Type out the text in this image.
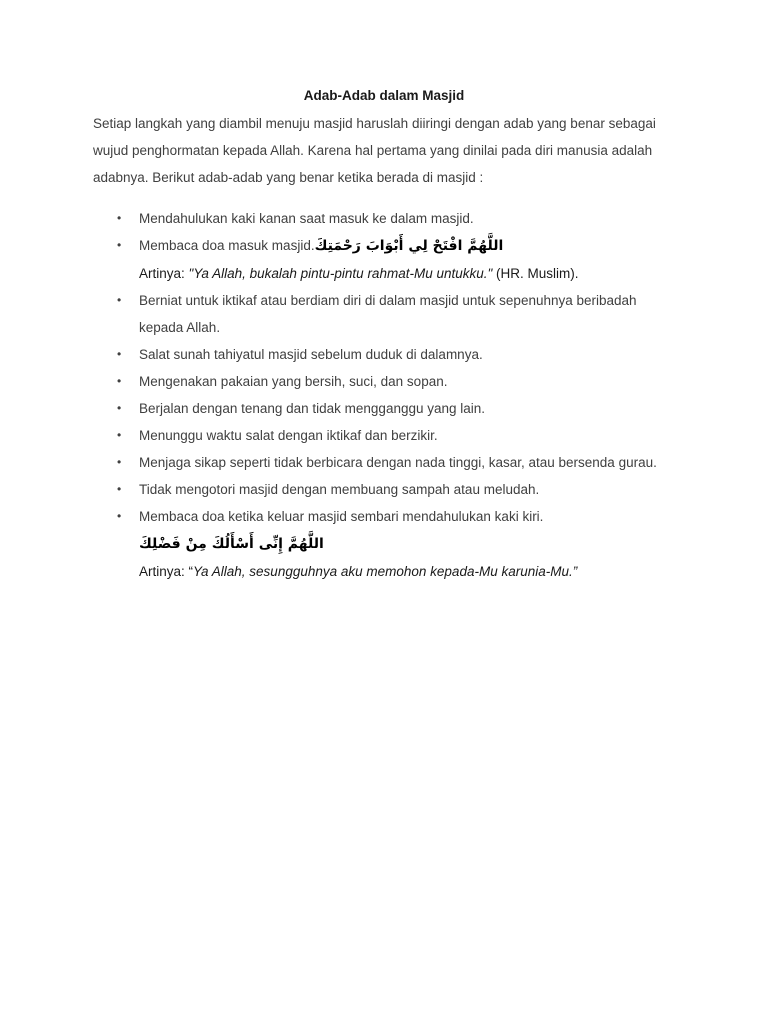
Adab-Adab dalam Masjid

Setiap langkah yang diambil menuju masjid haruslah diiringi dengan adab yang benar sebagai wujud penghormatan kepada Allah. Karena hal pertama yang dinilai pada diri manusia adalah adabnya. Berikut adab-adab yang benar ketika berada di masjid :

• Mendahulukan kaki kanan saat masuk ke dalam masjid.
• Membaca doa masuk masjid. اللَّهُمَّ افْتَحْ لِي أَبْوَابَ رَحْمَتِكَ
Artinya: "Ya Allah, bukalah pintu-pintu rahmat-Mu untukku." (HR. Muslim).
• Berniat untuk iktikaf atau berdiam diri di dalam masjid untuk sepenuhnya beribadah kepada Allah.
• Salat sunah tahiyatul masjid sebelum duduk di dalamnya.
• Mengenakan pakaian yang bersih, suci, dan sopan.
• Berjalan dengan tenang dan tidak mengganggu yang lain.
• Menunggu waktu salat dengan iktikaf dan berzikir.
• Menjaga sikap seperti tidak berbicara dengan nada tinggi, kasar, atau bersenda gurau.
• Tidak mengotori masjid dengan membuang sampah atau meludah.
• Membaca doa ketika keluar masjid sembari mendahulukan kaki kiri.
اللَّهُمَّ إِنِّى أَسْأَلُكَ مِنْ فَضْلِكَ
Artinya: “Ya Allah, sesungguhnya aku memohon kepada-Mu karunia-Mu.”
